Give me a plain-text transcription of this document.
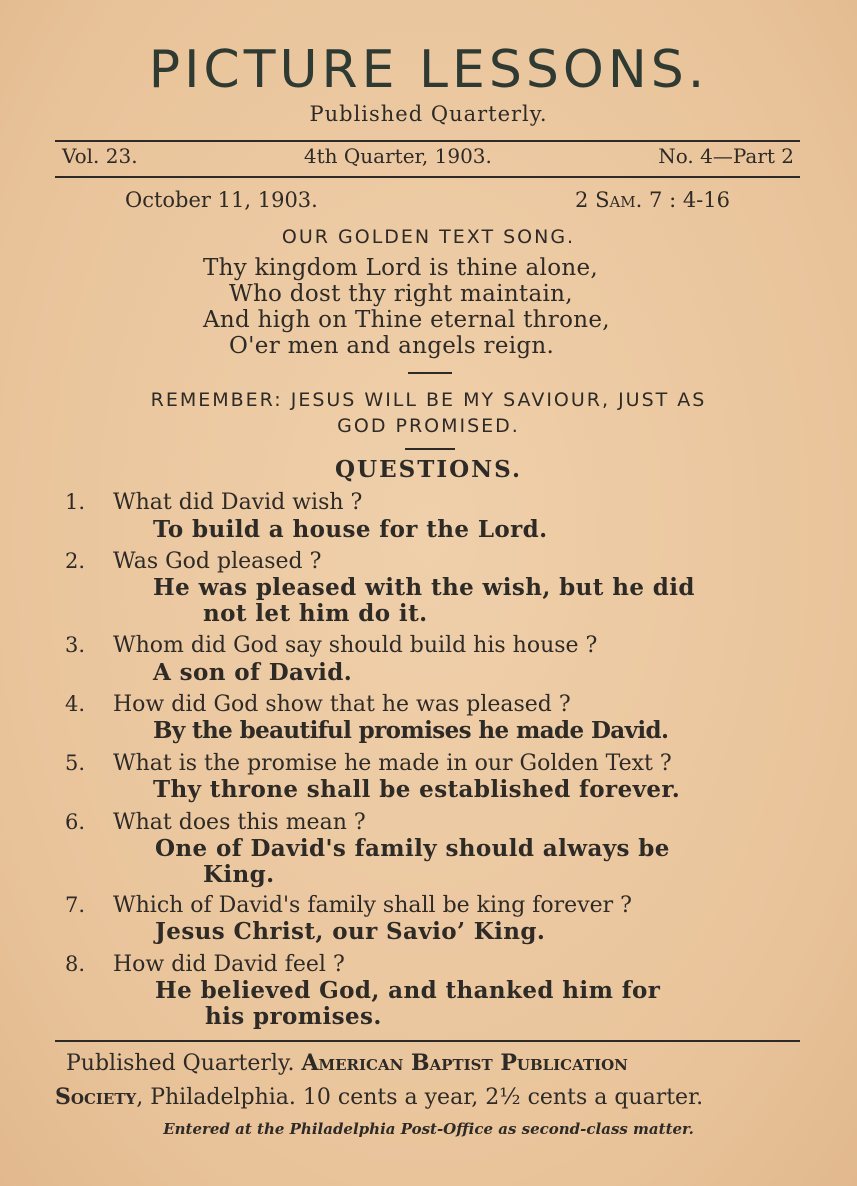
PICTURE LESSONS.
Published Quarterly.
Vol. 23.	4th Quarter, 1903.	No. 4—Part 2
October 11, 1903.	2 Sam. 7 : 4-16
OUR GOLDEN TEXT SONG.
Thy kingdom Lord is thine alone,
Who dost thy right maintain,
And high on Thine eternal throne,
O'er men and angels reign.
REMEMBER: JESUS WILL BE MY SAVIOUR, JUST AS
GOD PROMISED.
QUESTIONS.
1. What did David wish ?
To build a house for the Lord.
2. Was God pleased ?
He was pleased with the wish, but he did
not let him do it.
3. Whom did God say should build his house ?
A son of David.
4. How did God show that he was pleased ?
By the beautiful promises he made David.
5. What is the promise he made in our Golden Text ?
Thy throne shall be established forever.
6. What does this mean ?
One of David's family should always be
King.
7. Which of David's family shall be king forever ?
Jesus Christ, our Savio’ King.
8. How did David feel ?
He believed God, and thanked him for
his promises.
Published Quarterly. American Baptist Publication
Society, Philadelphia. 10 cents a year, 2½ cents a quarter.
Entered at the Philadelphia Post-Office as second-class matter.
